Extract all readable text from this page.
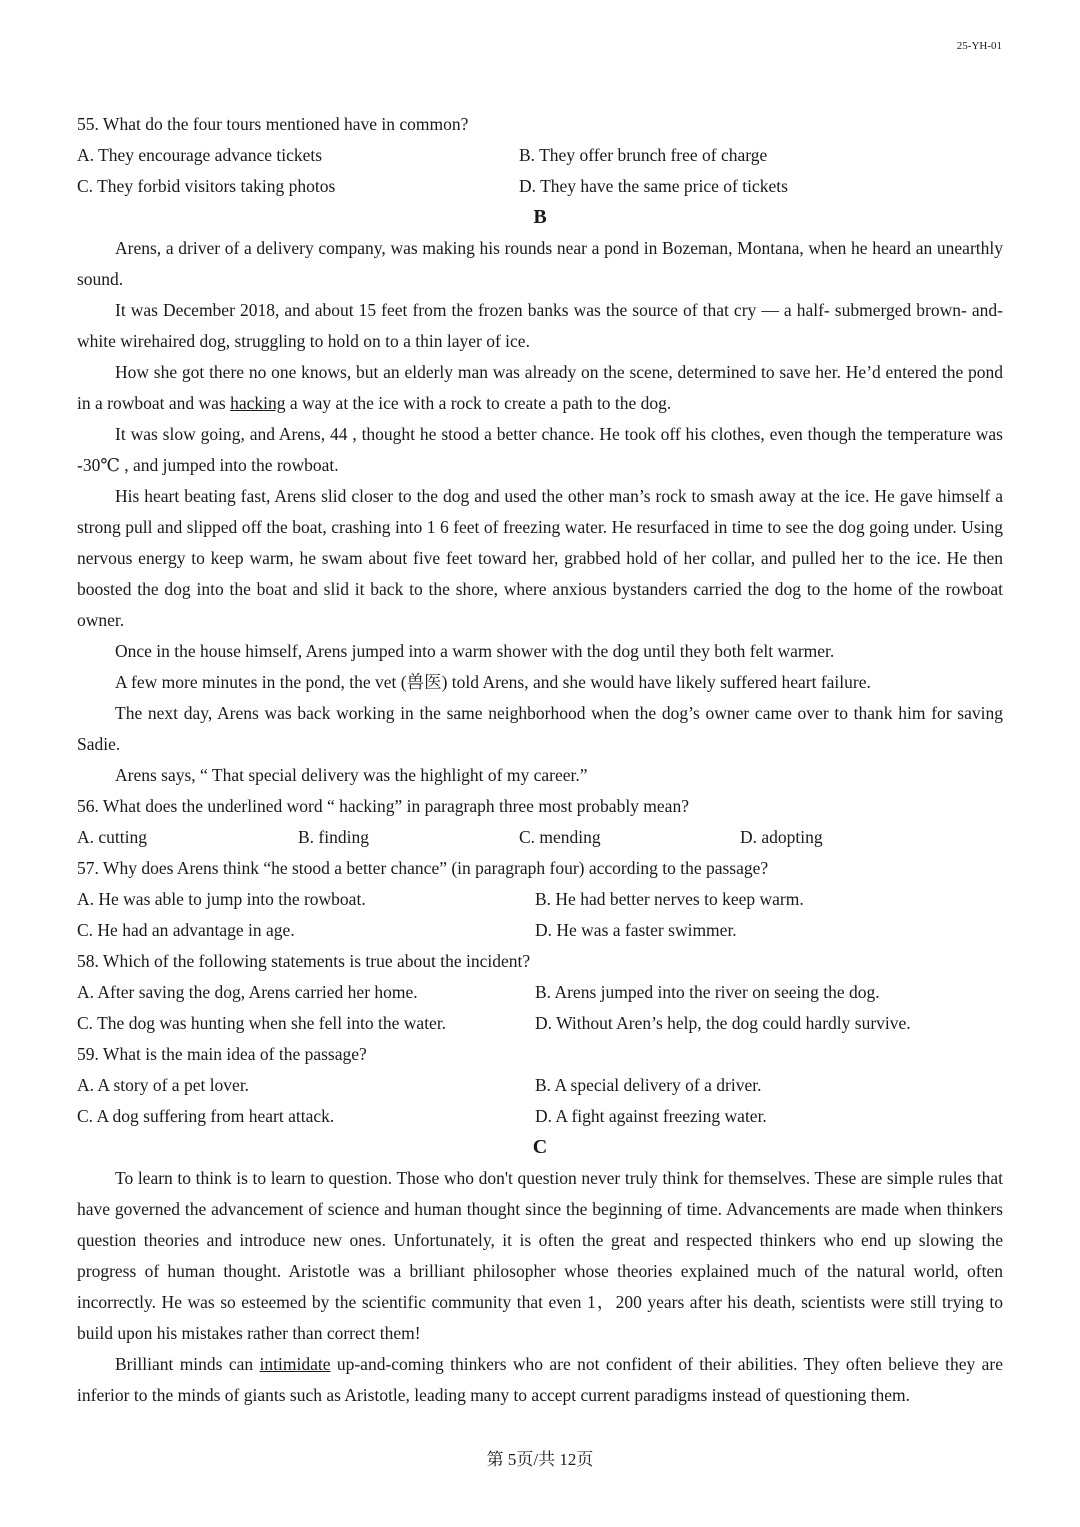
25-YH-01
55. What do the four tours mentioned have in common?
A. They encourage advance tickets	B. They offer brunch free of charge
C. They forbid visitors taking photos	D. They have the same price of tickets
B
Arens, a driver of a delivery company, was making his rounds near a pond in Bozeman, Montana, when he heard an unearthly sound.
It was December 2018, and about 15 feet from the frozen banks was the source of that cry — a half- submerged brown- and- white wirehaired dog, struggling to hold on to a thin layer of ice.
How she got there no one knows, but an elderly man was already on the scene, determined to save her. He’d entered the pond in a rowboat and was hacking a way at the ice with a rock to create a path to the dog.
It was slow going, and Arens, 44 , thought he stood a better chance. He took off his clothes, even though the temperature was -30℃ , and jumped into the rowboat.
His heart beating fast, Arens slid closer to the dog and used the other man’s rock to smash away at the ice. He gave himself a strong pull and slipped off the boat, crashing into 1 6 feet of freezing water. He resurfaced in time to see the dog going under. Using nervous energy to keep warm, he swam about five feet toward her, grabbed hold of her collar, and pulled her to the ice. He then boosted the dog into the boat and slid it back to the shore, where anxious bystanders carried the dog to the home of the rowboat owner.
Once in the house himself, Arens jumped into a warm shower with the dog until they both felt warmer.
A few more minutes in the pond, the vet (兽医) told Arens, and she would have likely suffered heart failure.
The next day, Arens was back working in the same neighborhood when the dog’s owner came over to thank him for saving Sadie.
Arens says, “ That special delivery was the highlight of my career.”
56. What does the underlined word “ hacking” in paragraph three most probably mean?
A. cutting	B. finding	C. mending	D. adopting
57. Why does Arens think “he stood a better chance” (in paragraph four) according to the passage?
A. He was able to jump into the rowboat.	B. He had better nerves to keep warm.
C. He had an advantage in age.	D. He was a faster swimmer.
58. Which of the following statements is true about the incident?
A. After saving the dog, Arens carried her home.	B. Arens jumped into the river on seeing the dog.
C. The dog was hunting when she fell into the water.	D. Without Aren’s help, the dog could hardly survive.
59. What is the main idea of the passage?
A. A story of a pet lover.	B. A special delivery of a driver.
C. A dog suffering from heart attack.	D. A fight against freezing water.
C
To learn to think is to learn to question. Those who don't question never truly think for themselves. These are simple rules that have governed the advancement of science and human thought since the beginning of time. Advancements are made when thinkers question theories and introduce new ones. Unfortunately, it is often the great and respected thinkers who end up slowing the progress of human thought. Aristotle was a brilliant philosopher whose theories explained much of the natural world, often incorrectly. He was so esteemed by the scientific community that even 1，200 years after his death, scientists were still trying to build upon his mistakes rather than correct them!
Brilliant minds can intimidate up-and-coming thinkers who are not confident of their abilities. They often believe they are inferior to the minds of giants such as Aristotle, leading many to accept current paradigms instead of questioning them.
第 5页/共 12页
